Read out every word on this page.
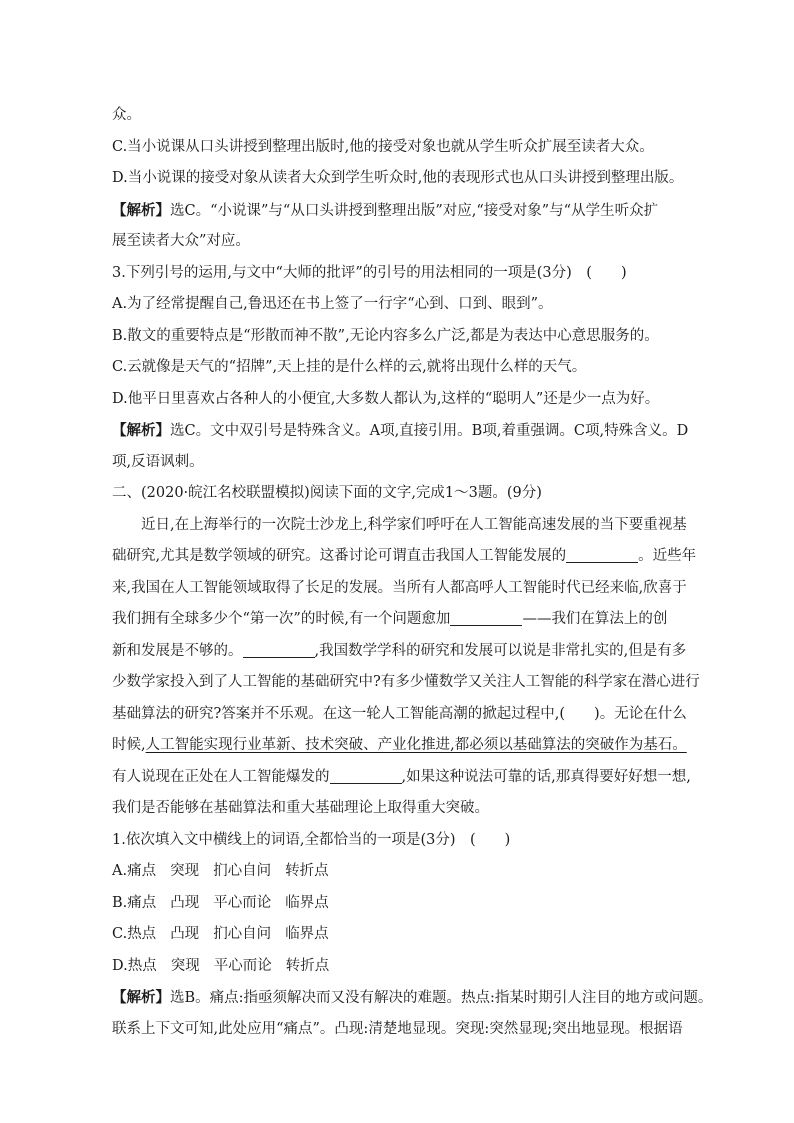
众。
C.当小说课从口头讲授到整理出版时,他的接受对象也就从学生听众扩展至读者大众。
D.当小说课的接受对象从读者大众到学生听众时,他的表现形式也从口头讲授到整理出版。
【解析】选C。“小说课”与“从口头讲授到整理出版”对应,“接受对象”与“从学生听众扩
展至读者大众”对应。
3.下列引号的运用,与文中“大师的批评”的引号的用法相同的一项是(3分)　(　　)
A.为了经常提醒自己,鲁迅还在书上签了一行字“心到、口到、眼到”。
B.散文的重要特点是“形散而神不散”,无论内容多么广泛,都是为表达中心意思服务的。
C.云就像是天气的“招牌”,天上挂的是什么样的云,就将出现什么样的天气。
D.他平日里喜欢占各种人的小便宜,大多数人都认为,这样的“聪明人”还是少一点为好。
【解析】选C。文中双引号是特殊含义。A项,直接引用。B项,着重强调。C项,特殊含义。D
项,反语讽刺。
二、(2020·皖江名校联盟模拟)阅读下面的文字,完成1～3题。(9分)
近日,在上海举行的一次院士沙龙上,科学家们呼吁在人工智能高速发展的当下要重视基
础研究,尤其是数学领域的研究。这番讨论可谓直击我国人工智能发展的	。近些年
来,我国在人工智能领域取得了长足的发展。当所有人都高呼人工智能时代已经来临,欣喜于
我们拥有全球多少个“第一次”的时候,有一个问题愈加	——我们在算法上的创
新和发展是不够的。	,我国数学学科的研究和发展可以说是非常扎实的,但是有多
少数学家投入到了人工智能的基础研究中?有多少懂数学又关注人工智能的科学家在潜心进行
基础算法的研究?答案并不乐观。在这一轮人工智能高潮的掀起过程中,(　　)。无论在什么
时候,人工智能实现行业革新、技术突破、产业化推进,都必须以基础算法的突破作为基石。
有人说现在正处在人工智能爆发的	,如果这种说法可靠的话,那真得要好好想一想,
我们是否能够在基础算法和重大基础理论上取得重大突破。
1.依次填入文中横线上的词语,全都恰当的一项是(3分)　(　　)
A.痛点 突现 扪心自问 转折点
B.痛点 凸现 平心而论 临界点
C.热点 凸现 扪心自问 临界点
D.热点 突现 平心而论 转折点
【解析】选B。痛点:指亟须解决而又没有解决的难题。热点:指某时期引人注目的地方或问题。
联系上下文可知,此处应用“痛点”。凸现:清楚地显现。突现:突然显现;突出地显现。根据语
